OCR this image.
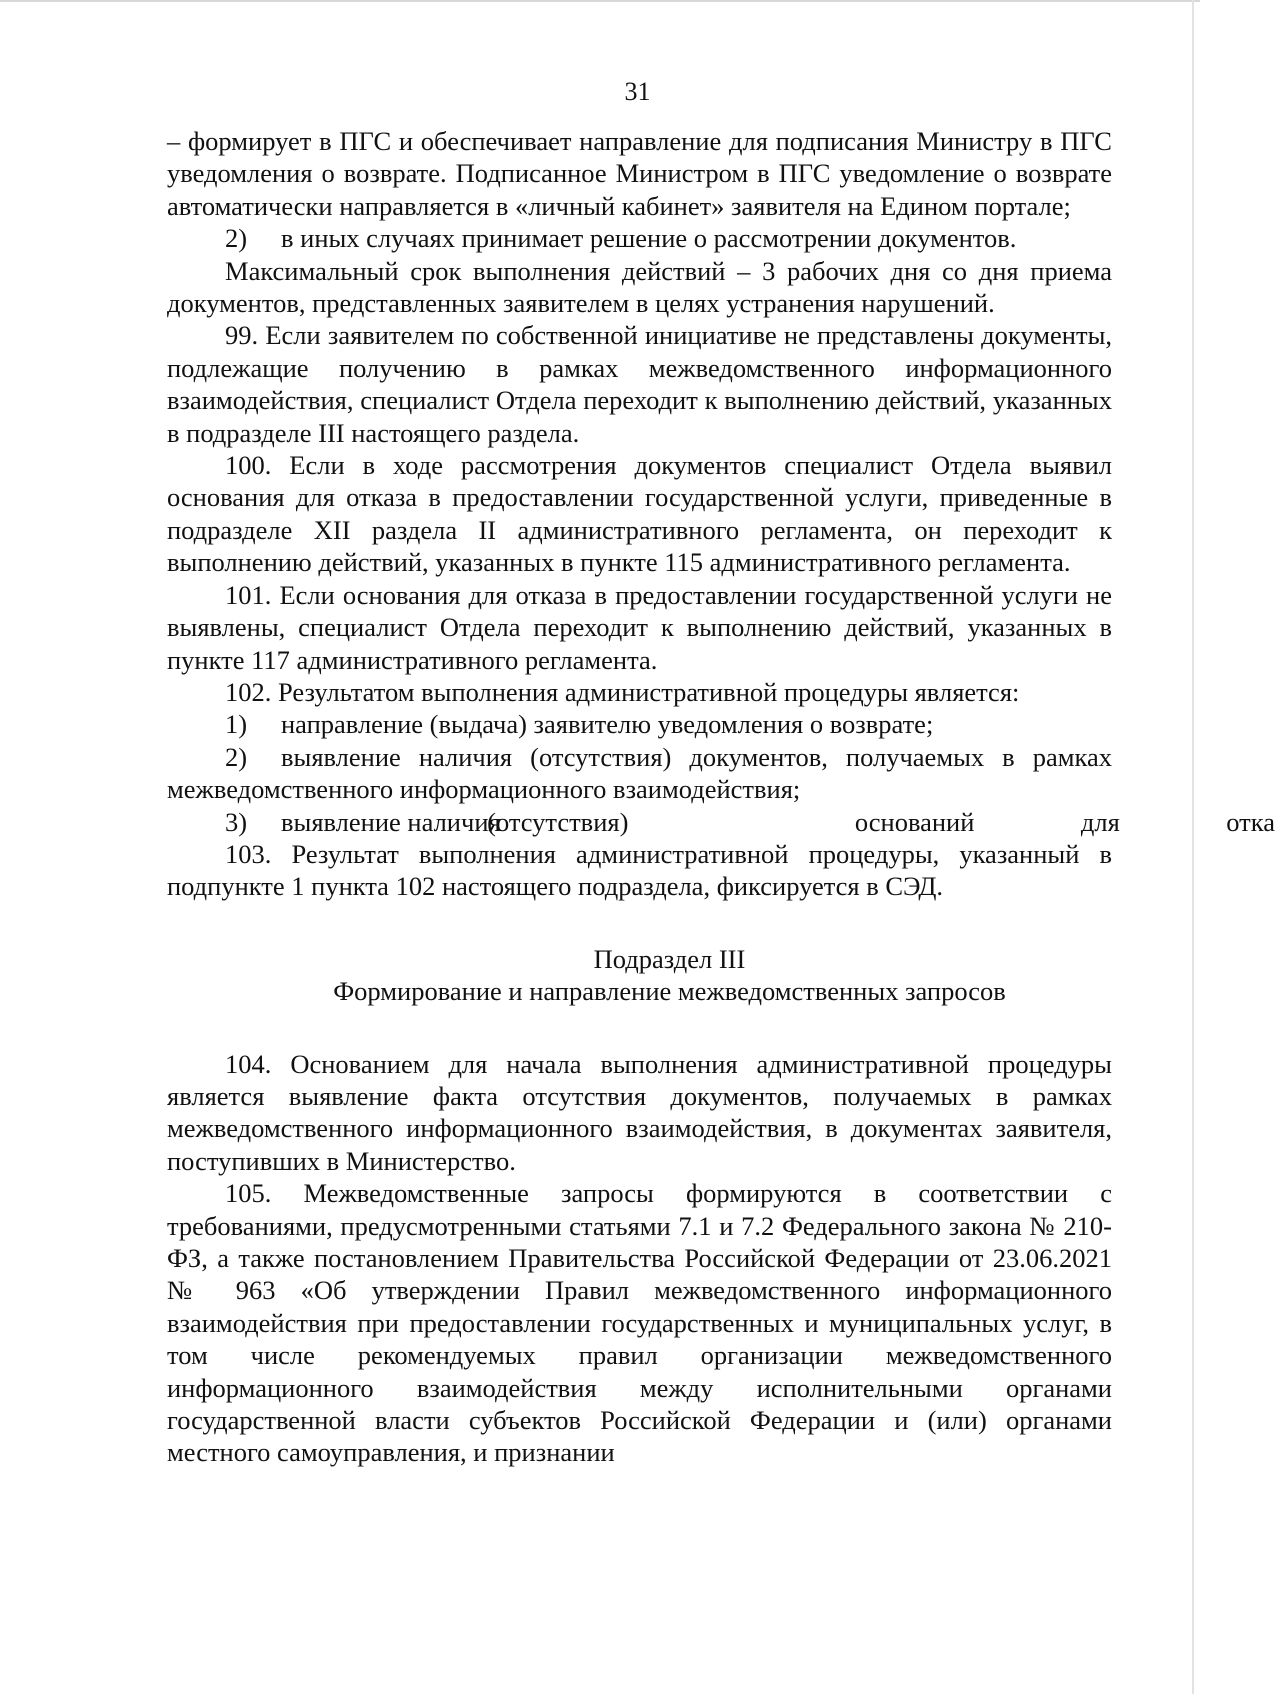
31

– формирует в ПГС и обеспечивает направление для подписания Министру в ПГС уведомления о возврате. Подписанное Министром в ПГС уведомление о возврате автоматически направляется в «личный кабинет» заявителя на Едином портале;

2) в иных случаях принимает решение о рассмотрении документов.

Максимальный срок выполнения действий – 3 рабочих дня со дня приема документов, представленных заявителем в целях устранения нарушений.

99. Если заявителем по собственной инициативе не представлены документы, подлежащие получению в рамках межведомственного информационного взаимодействия, специалист Отдела переходит к выполнению действий, указанных в подразделе III настоящего раздела.

100. Если в ходе рассмотрения документов специалист Отдела выявил основания для отказа в предоставлении государственной услуги, приведенные в подразделе XII раздела II административного регламента, он переходит к выполнению действий, указанных в пункте 115 административного регламента.

101. Если основания для отказа в предоставлении государственной услуги не выявлены, специалист Отдела переходит к выполнению действий, указанных в пункте 117 административного регламента.

102. Результатом выполнения административной процедуры является:

1) направление (выдача) заявителю уведомления о возврате;

2) выявление наличия (отсутствия) документов, получаемых в рамках межведомственного информационного взаимодействия;

3) выявление наличия
(отсутствия)	оснований	для	отка

103. Результат выполнения административной процедуры, указанный в подпункте 1 пункта 102 настоящего подраздела, фиксируется в СЭД.

Подраздел III

Формирование и направление межведомственных запросов

104. Основанием для начала выполнения административной процедуры является выявление факта отсутствия документов, получаемых в рамках межведомственного информационного взаимодействия, в документах заявителя, поступивших в Министерство.

105. Межведомственные запросы формируются в соответствии с требованиями, предусмотренными статьями 7.1 и 7.2 Федерального закона № 210-ФЗ, а также постановлением Правительства Российской Федерации от 23.06.2021 № 963 «Об утверждении Правил межведомственного информационного взаимодействия при предоставлении государственных и муниципальных услуг, в том числе рекомендуемых правил организации межведомственного информационного взаимодействия между исполнительными органами государственной власти субъектов Российской Федерации и (или) органами местного самоуправления, и признании
